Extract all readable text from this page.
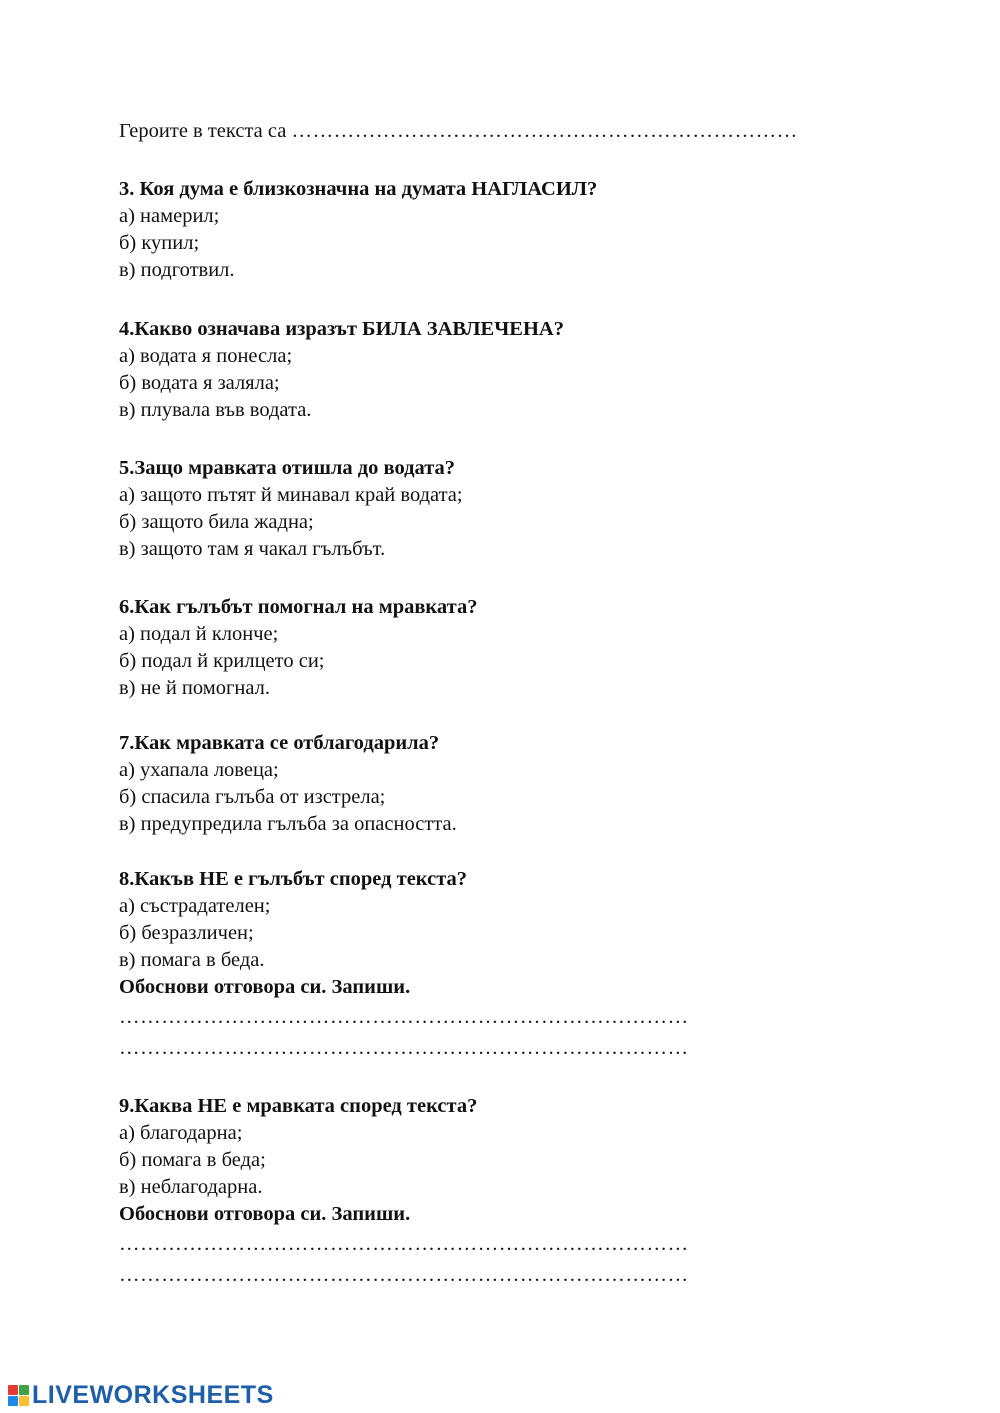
Героите в текста са ………………………………………………………………
3. Коя дума е близкозначна на думата НАГЛАСИЛ?
а) намерил;
б) купил;
в) подготвил.
4.Какво означава изразът БИЛА ЗАВЛЕЧЕНА?
а) водата я понесла;
б) водата я заляла;
в) плувала във водата.
5.Защо мравката отишла до водата?
а) защото пътят й минавал край водата;
б) защото била жадна;
в) защото там я чакал гълъбът.
6.Как гълъбът помогнал на мравката?
а) подал й клонче;
б) подал й крилцето си;
в) не й помогнал.
7.Как мравката се отблагодарила?
а) ухапала ловеца;
б) спасила гълъба от изстрела;
в) предупредила гълъба за опасността.
8.Какъв НЕ е гълъбът според текста?
а) състрадателен;
б) безразличен;
в) помага в беда.
Обоснови отговора си. Запиши.
………………………………………………………………………
………………………………………………………………………
9.Каква НЕ е мравката според текста?
а) благодарна;
б) помага в беда;
в) неблагодарна.
Обоснови отговора си. Запиши.
………………………………………………………………………
………………………………………………………………………
LIVEWORKSHEETS
